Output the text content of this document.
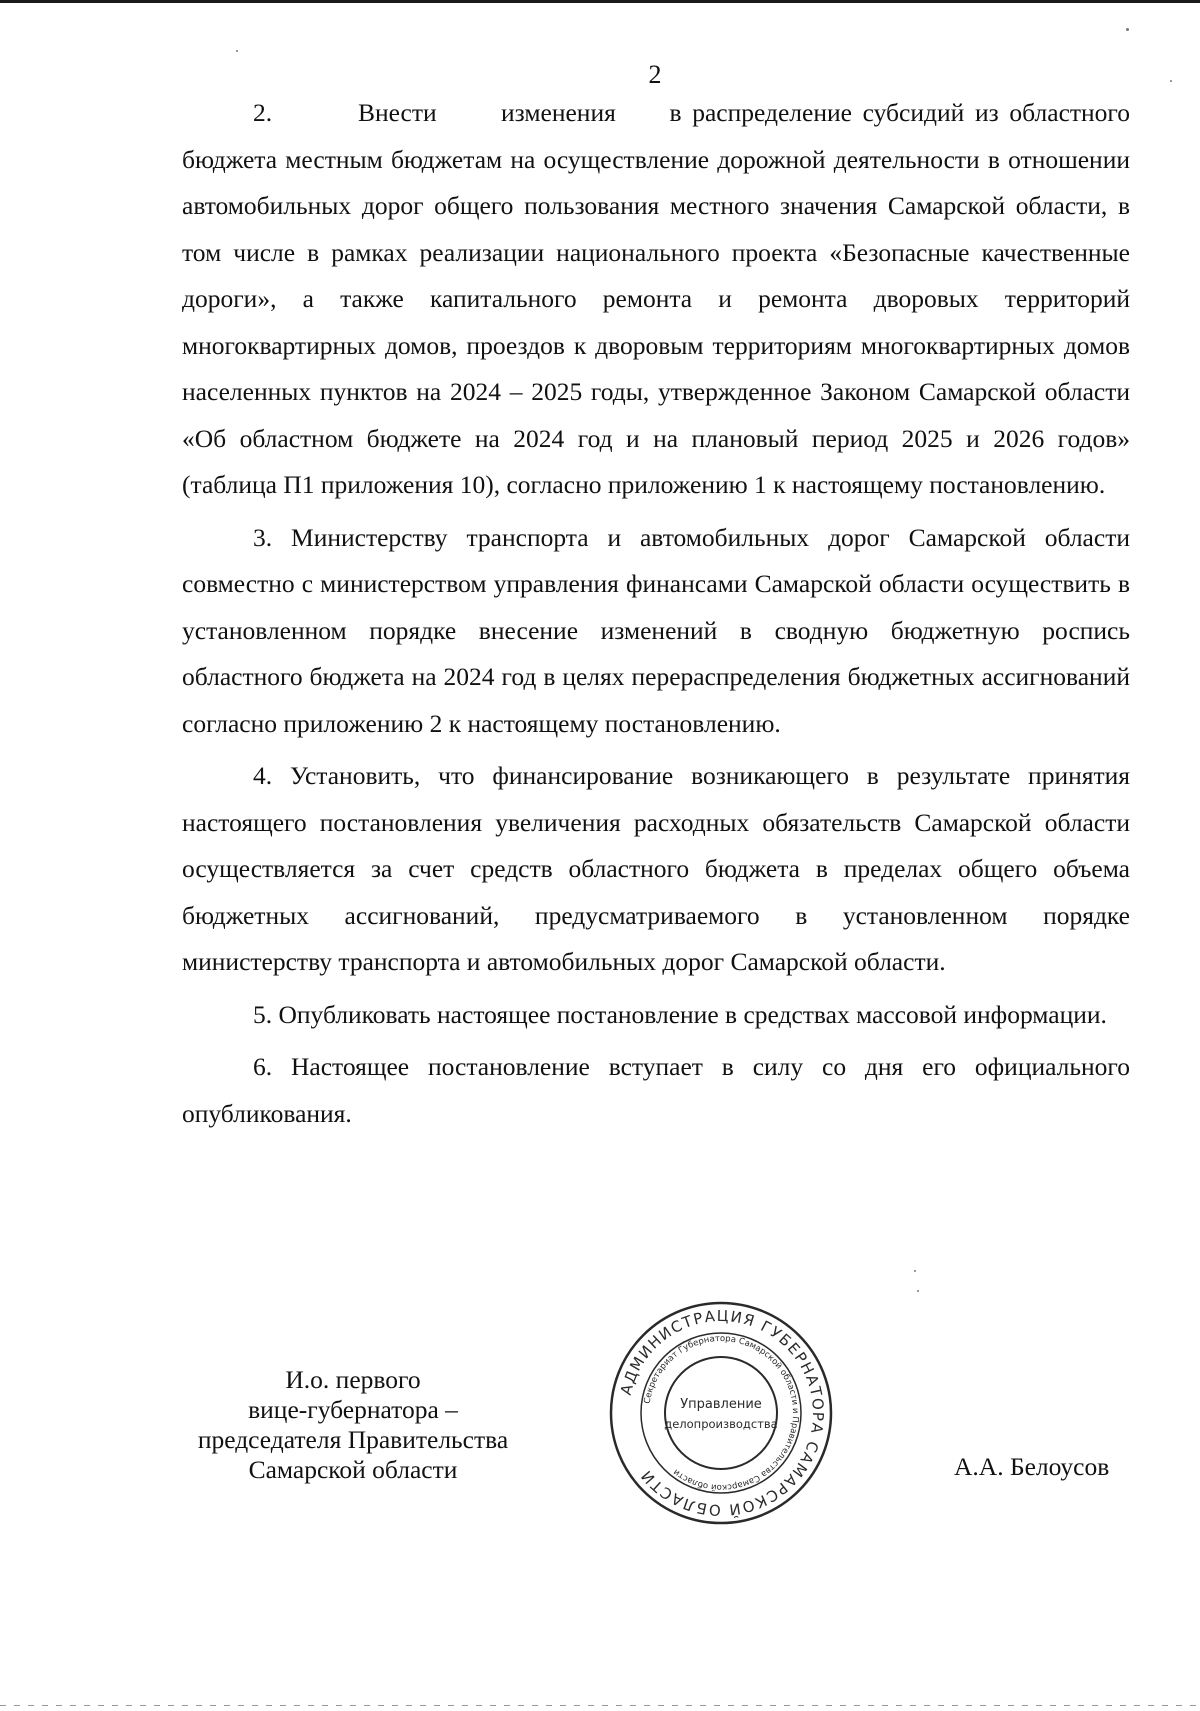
2

2.        Внести      изменения     в распределение субсидий из областного бюджета местным бюджетам на осуществление дорожной деятельности в отношении автомобильных дорог общего пользования местного значения Самарской области, в том числе в рамках реализации национального проекта «Безопасные качественные дороги», а также капитального ремонта и ремонта дворовых территорий многоквартирных домов, проездов к дворовым территориям многоквартирных домов населенных пунктов на 2024 – 2025 годы, утвержденное Законом Самарской области «Об областном бюджете на 2024 год и на плановый период 2025 и 2026 годов» (таблица П1 приложения 10), согласно приложению 1 к настоящему постановлению.

3. Министерству транспорта и автомобильных дорог Самарской области совместно с министерством управления финансами Самарской области осуществить в установленном порядке внесение изменений в сводную бюджетную роспись областного бюджета на 2024 год в целях перераспределения бюджетных ассигнований согласно приложению 2 к настоящему постановлению.

4. Установить, что финансирование возникающего в результате принятия настоящего постановления увеличения расходных обязательств Самарской области осуществляется за счет средств областного бюджета в пределах общего объема бюджетных ассигнований, предусматриваемого в установленном порядке министерству транспорта и автомобильных дорог Самарской области.

5. Опубликовать настоящее постановление в средствах массовой информации.

6. Настоящее постановление вступает в силу со дня его официального опубликования.

И.о. первого
вице-губернатора –
председателя Правительства
Самарской области
АДМИНИСТРАЦИЯ ГУБЕРНАТОРА САМАРСКОЙ ОБЛАСТИ
Секретариат Губернатора Самарской области и Правительства Самарской области
Управление
делопроизводства
А.А. Белоусов
